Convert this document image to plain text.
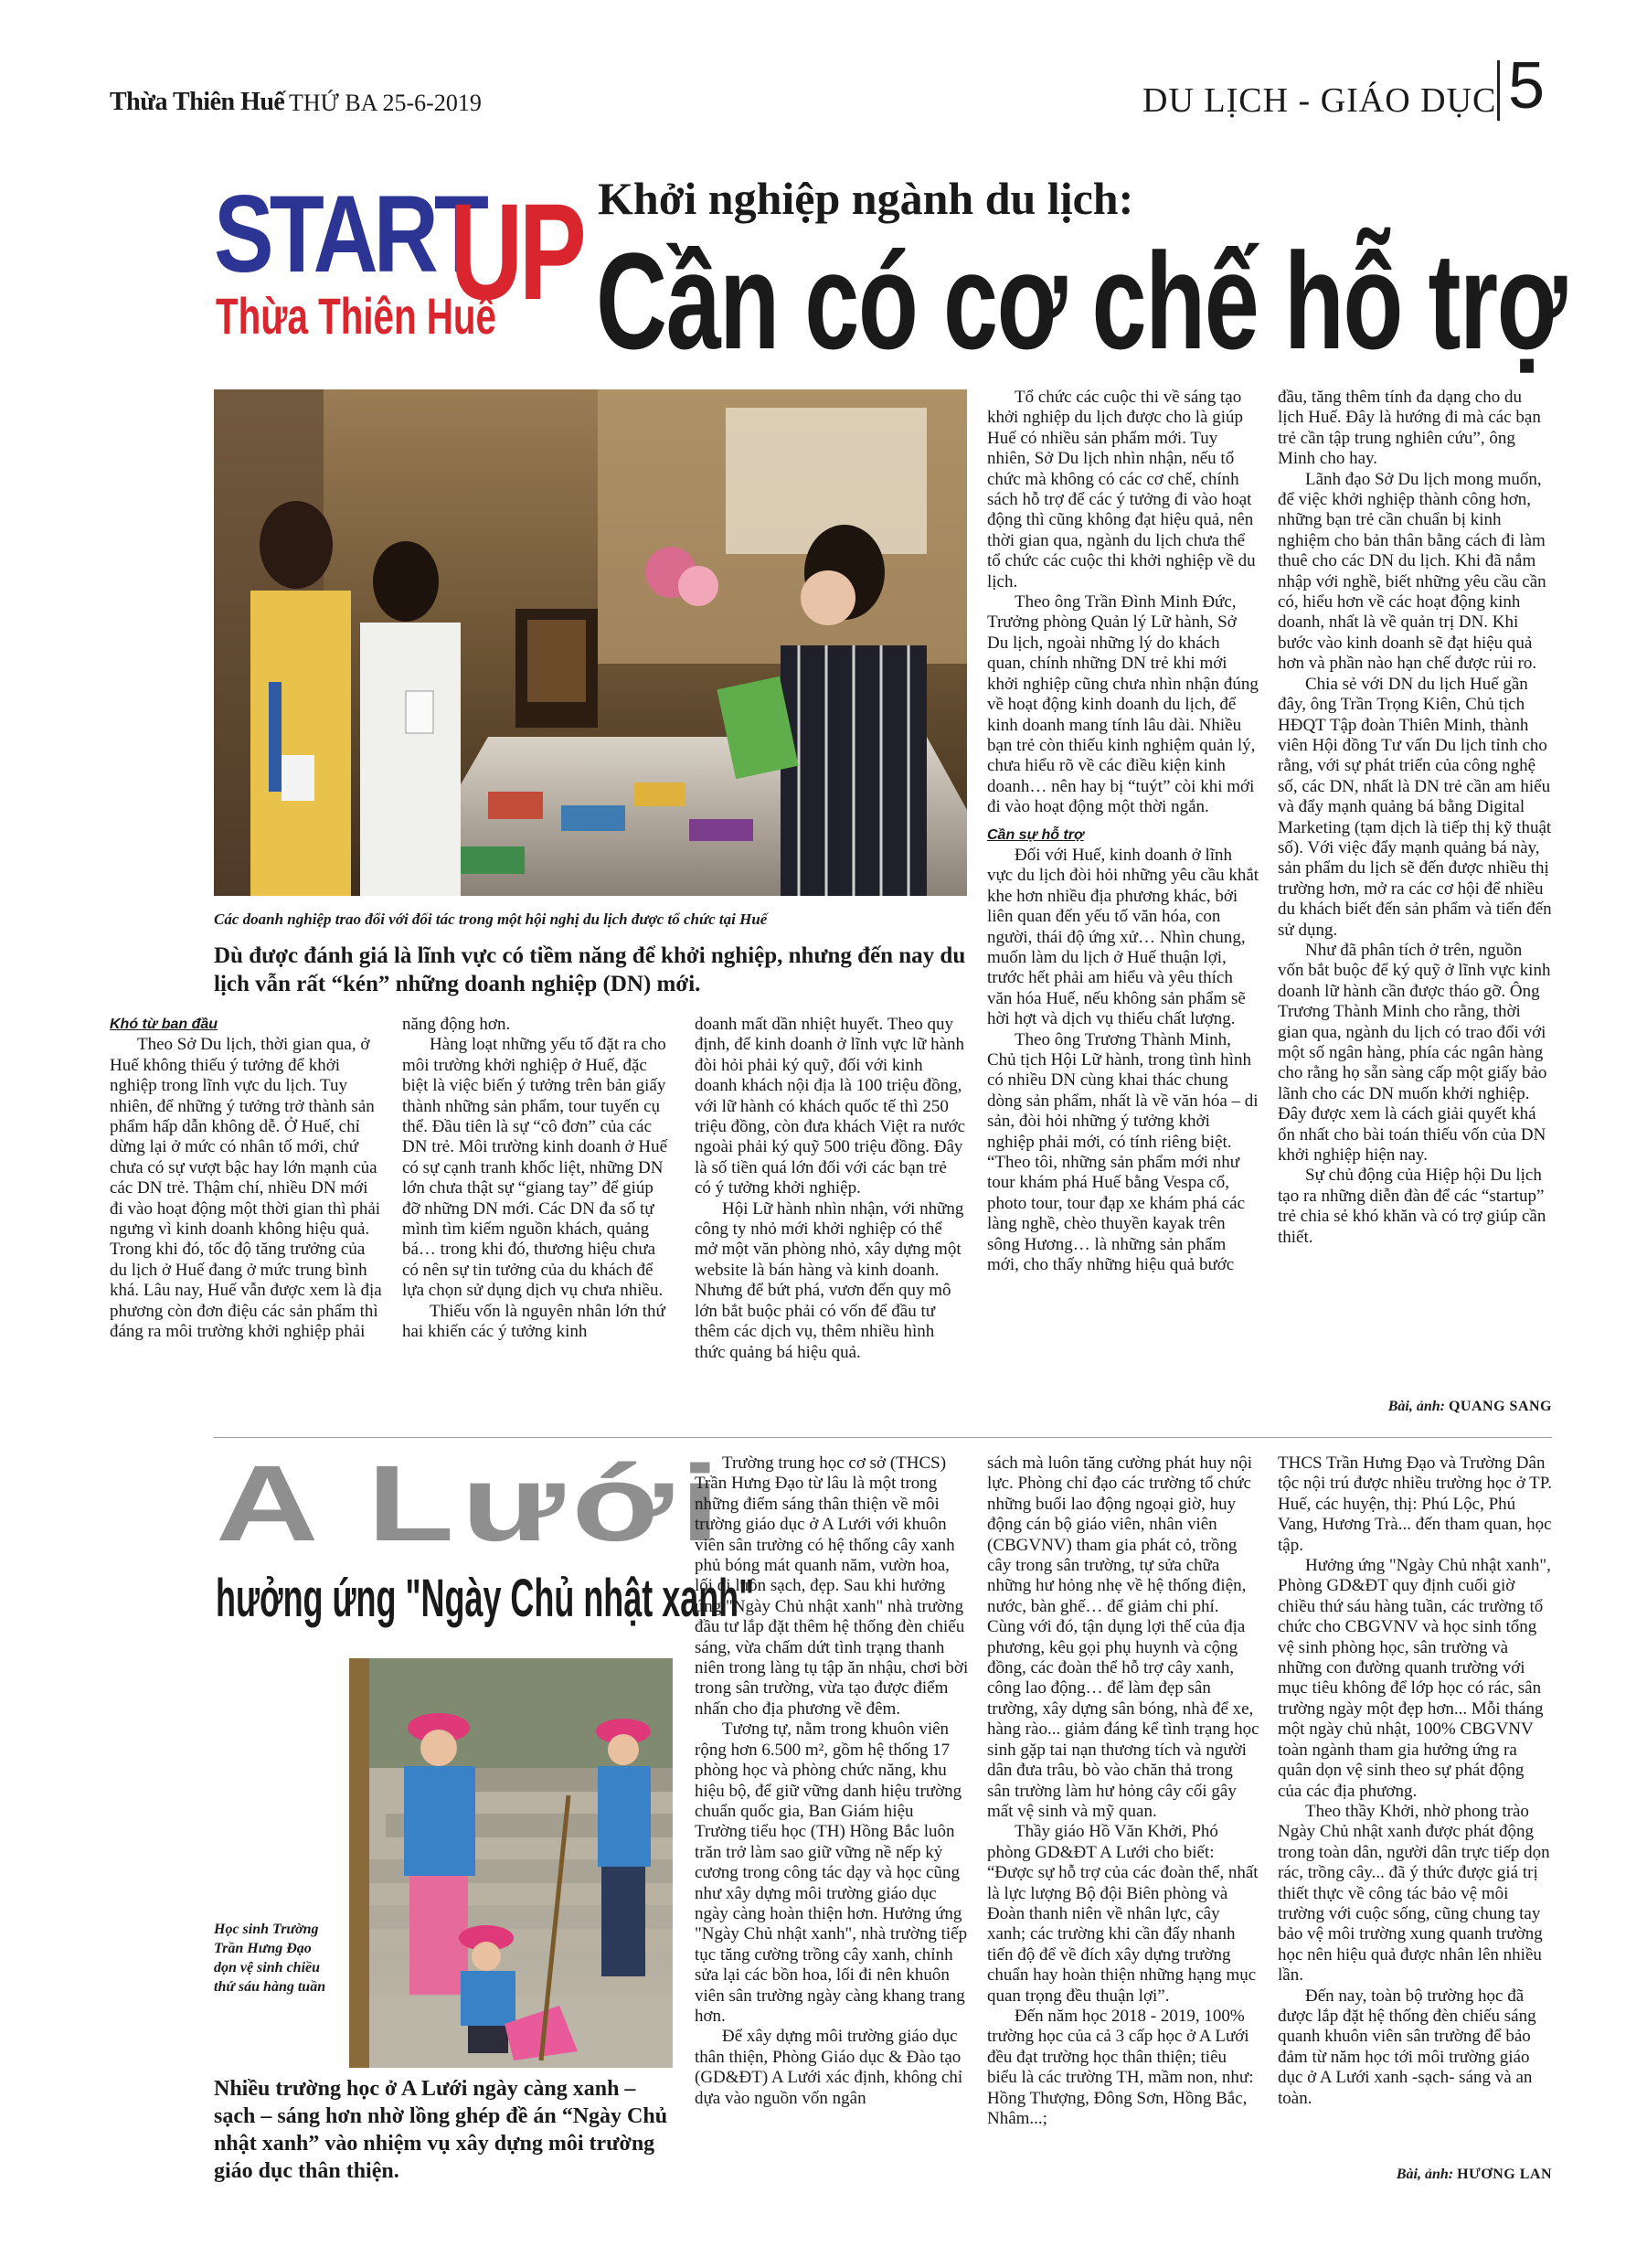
Thừa Thiên Huế THỨ BA 25-6-2019	DU LỊCH - GIÁO DỤC 5
START
UP
Thừa Thiên Huế
Khởi nghiệp ngành du lịch:
Cần có cơ chế hỗ trợ
Các doanh nghiệp trao đổi với đối tác trong một hội nghị du lịch được tổ chức tại Huế
Dù được đánh giá là lĩnh vực có tiềm năng để khởi nghiệp, nhưng đến nay du lịch vẫn rất “kén” những doanh nghiệp (DN) mới.

Khó từ ban đầu

Theo Sở Du lịch, thời gian qua, ở Huế không thiếu ý tưởng để khởi nghiệp trong lĩnh vực du lịch. Tuy nhiên, để những ý tưởng trở thành sản phẩm hấp dẫn không dễ. Ở Huế, chỉ dừng lại ở mức có nhân tố mới, chứ chưa có sự vượt bậc hay lớn mạnh của các DN trẻ. Thậm chí, nhiều DN mới đi vào hoạt động một thời gian thì phải ngưng vì kinh doanh không hiệu quả. Trong khi đó, tốc độ tăng trưởng của du lịch ở Huế đang ở mức trung bình khá. Lâu nay, Huế vẫn được xem là địa phương còn đơn điệu các sản phẩm thì đáng ra môi trường khởi nghiệp phải

năng động hơn.

Hàng loạt những yếu tố đặt ra cho môi trường khởi nghiệp ở Huế, đặc biệt là việc biến ý tưởng trên bản giấy thành những sản phẩm, tour tuyến cụ thể. Đầu tiên là sự “cô đơn” của các DN trẻ. Môi trường kinh doanh ở Huế có sự cạnh tranh khốc liệt, những DN lớn chưa thật sự “giang tay” để giúp đỡ những DN mới. Các DN đa số tự mình tìm kiếm nguồn khách, quảng bá… trong khi đó, thương hiệu chưa có nên sự tin tưởng của du khách để lựa chọn sử dụng dịch vụ chưa nhiều.

Thiếu vốn là nguyên nhân lớn thứ hai khiến các ý tưởng kinh

doanh mất dần nhiệt huyết. Theo quy định, để kinh doanh ở lĩnh vực lữ hành đòi hỏi phải ký quỹ, đối với kinh doanh khách nội địa là 100 triệu đồng, với lữ hành có khách quốc tế thì 250 triệu đồng, còn đưa khách Việt ra nước ngoài phải ký quỹ 500 triệu đồng. Đây là số tiền quá lớn đối với các bạn trẻ có ý tưởng khởi nghiệp.

Hội Lữ hành nhìn nhận, với những công ty nhỏ mới khởi nghiệp có thể mở một văn phòng nhỏ, xây dựng một website là bán hàng và kinh doanh. Nhưng để bứt phá, vươn đến quy mô lớn bắt buộc phải có vốn để đầu tư thêm các dịch vụ, thêm nhiều hình thức quảng bá hiệu quả.

Tổ chức các cuộc thi về sáng tạo khởi nghiệp du lịch được cho là giúp Huế có nhiều sản phẩm mới. Tuy nhiên, Sở Du lịch nhìn nhận, nếu tổ chức mà không có các cơ chế, chính sách hỗ trợ để các ý tưởng đi vào hoạt động thì cũng không đạt hiệu quả, nên thời gian qua, ngành du lịch chưa thể tổ chức các cuộc thi khởi nghiệp về du lịch.

Theo ông Trần Đình Minh Đức, Trưởng phòng Quản lý Lữ hành, Sở Du lịch, ngoài những lý do khách quan, chính những DN trẻ khi mới khởi nghiệp cũng chưa nhìn nhận đúng về hoạt động kinh doanh du lịch, để kinh doanh mang tính lâu dài. Nhiều bạn trẻ còn thiếu kinh nghiệm quản lý, chưa hiểu rõ về các điều kiện kinh doanh… nên hay bị “tuýt” còi khi mới đi vào hoạt động một thời ngắn.

Cần sự hỗ trợ

Đối với Huế, kinh doanh ở lĩnh vực du lịch đòi hỏi những yêu cầu khắt khe hơn nhiều địa phương khác, bởi liên quan đến yếu tố văn hóa, con người, thái độ ứng xử… Nhìn chung, muốn làm du lịch ở Huế thuận lợi, trước hết phải am hiểu và yêu thích văn hóa Huế, nếu không sản phẩm sẽ hời hợt và dịch vụ thiếu chất lượng.

Theo ông Trương Thành Minh, Chủ tịch Hội Lữ hành, trong tình hình có nhiều DN cùng khai thác chung dòng sản phẩm, nhất là về văn hóa – di sản, đòi hỏi những ý tưởng khởi nghiệp phải mới, có tính riêng biệt. “Theo tôi, những sản phẩm mới như tour khám phá Huế bằng Vespa cổ, photo tour, tour đạp xe khám phá các làng nghề, chèo thuyền kayak trên sông Hương… là những sản phẩm mới, cho thấy những hiệu quả bước

đầu, tăng thêm tính đa dạng cho du lịch Huế. Đây là hướng đi mà các bạn trẻ cần tập trung nghiên cứu”, ông Minh cho hay.

Lãnh đạo Sở Du lịch mong muốn, để việc khởi nghiệp thành công hơn, những bạn trẻ cần chuẩn bị kinh nghiệm cho bản thân bằng cách đi làm thuê cho các DN du lịch. Khi đã nắm nhập với nghề, biết những yêu cầu cần có, hiểu hơn về các hoạt động kinh doanh, nhất là về quản trị DN. Khi bước vào kinh doanh sẽ đạt hiệu quả hơn và phần nào hạn chế được rủi ro.

Chia sẻ với DN du lịch Huế gần đây, ông Trần Trọng Kiên, Chủ tịch HĐQT Tập đoàn Thiên Minh, thành viên Hội đồng Tư vấn Du lịch tỉnh cho rằng, với sự phát triển của công nghệ số, các DN, nhất là DN trẻ cần am hiểu và đẩy mạnh quảng bá bằng Digital Marketing (tạm dịch là tiếp thị kỹ thuật số). Với việc đẩy mạnh quảng bá này, sản phẩm du lịch sẽ đến được nhiều thị trường hơn, mở ra các cơ hội để nhiều du khách biết đến sản phẩm và tiến đến sử dụng.

Như đã phân tích ở trên, nguồn vốn bắt buộc để ký quỹ ở lĩnh vực kinh doanh lữ hành cần được tháo gỡ. Ông Trương Thành Minh cho rằng, thời gian qua, ngành du lịch có trao đổi với một số ngân hàng, phía các ngân hàng cho rằng họ sẵn sàng cấp một giấy bảo lãnh cho các DN muốn khởi nghiệp. Đây được xem là cách giải quyết khá ổn nhất cho bài toán thiếu vốn của DN khởi nghiệp hiện nay.

Sự chủ động của Hiệp hội Du lịch tạo ra những diễn đàn để các “startup” trẻ chia sẻ khó khăn và có trợ giúp cần thiết.

Bài, ảnh: QUANG SANG
A Lưới
hưởng ứng "Ngày Chủ nhật xanh"
Học sinh Trường Trần Hưng Đạo dọn vệ sinh chiều thứ sáu hàng tuần
Nhiều trường học ở A Lưới ngày càng xanh – sạch – sáng hơn nhờ lồng ghép đề án “Ngày Chủ nhật xanh” vào nhiệm vụ xây dựng môi trường giáo dục thân thiện.

Trường trung học cơ sở (THCS) Trần Hưng Đạo từ lâu là một trong những điểm sáng thân thiện về môi trường giáo dục ở A Lưới với khuôn viên sân trường có hệ thống cây xanh phủ bóng mát quanh năm, vườn hoa, lối đi luôn sạch, đẹp. Sau khi hưởng ứng "Ngày Chủ nhật xanh" nhà trường đầu tư lắp đặt thêm hệ thống đèn chiếu sáng, vừa chấm dứt tình trạng thanh niên trong làng tụ tập ăn nhậu, chơi bời trong sân trường, vừa tạo được điểm nhấn cho địa phương về đêm.

Tương tự, nằm trong khuôn viên rộng hơn 6.500 m², gồm hệ thống 17 phòng học và phòng chức năng, khu hiệu bộ, để giữ vững danh hiệu trường chuẩn quốc gia, Ban Giám hiệu Trường tiểu học (TH) Hồng Bắc luôn trăn trở làm sao giữ vững nề nếp kỷ cương trong công tác dạy và học cũng như xây dựng môi trường giáo dục ngày càng hoàn thiện hơn. Hưởng ứng "Ngày Chủ nhật xanh", nhà trường tiếp tục tăng cường trồng cây xanh, chỉnh sửa lại các bồn hoa, lối đi nên khuôn viên sân trường ngày càng khang trang hơn.

Để xây dựng môi trường giáo dục thân thiện, Phòng Giáo dục & Đào tạo (GD&ĐT) A Lưới xác định, không chỉ dựa vào nguồn vốn ngân

sách mà luôn tăng cường phát huy nội lực. Phòng chỉ đạo các trường tổ chức những buổi lao động ngoại giờ, huy động cán bộ giáo viên, nhân viên (CBGVNV) tham gia phát cỏ, trồng cây trong sân trường, tự sửa chữa những hư hỏng nhẹ về hệ thống điện, nước, bàn ghế… để giảm chi phí. Cùng với đó, tận dụng lợi thế của địa phương, kêu gọi phụ huynh và cộng đồng, các đoàn thể hỗ trợ cây xanh, công lao động… để làm đẹp sân trường, xây dựng sân bóng, nhà để xe, hàng rào... giảm đáng kể tình trạng học sinh gặp tai nạn thương tích và người dân đưa trâu, bò vào chăn thả trong sân trường làm hư hỏng cây cối gây mất vệ sinh và mỹ quan.

Thầy giáo Hồ Văn Khởi, Phó phòng GD&ĐT A Lưới cho biết: “Được sự hỗ trợ của các đoàn thể, nhất là lực lượng Bộ đội Biên phòng và Đoàn thanh niên về nhân lực, cây xanh; các trường khi cần đẩy nhanh tiến độ để về đích xây dựng trường chuẩn hay hoàn thiện những hạng mục quan trọng đều thuận lợi”.

Đến năm học 2018 - 2019, 100% trường học của cả 3 cấp học ở A Lưới đều đạt trường học thân thiện; tiêu biểu là các trường TH, mầm non, như: Hồng Thượng, Đông Sơn, Hồng Bắc, Nhâm...;

THCS Trần Hưng Đạo và Trường Dân tộc nội trú được nhiều trường học ở TP. Huế, các huyện, thị: Phú Lộc, Phú Vang, Hương Trà... đến tham quan, học tập.

Hưởng ứng "Ngày Chủ nhật xanh", Phòng GD&ĐT quy định cuối giờ chiều thứ sáu hàng tuần, các trường tổ chức cho CBGVNV và học sinh tổng vệ sinh phòng học, sân trường và những con đường quanh trường với mục tiêu không để lớp học có rác, sân trường ngày một đẹp hơn... Mỗi tháng một ngày chủ nhật, 100% CBGVNV toàn ngành tham gia hưởng ứng ra quân dọn vệ sinh theo sự phát động của các địa phương.

Theo thầy Khởi, nhờ phong trào Ngày Chủ nhật xanh được phát động trong toàn dân, người dân trực tiếp dọn rác, trồng cây... đã ý thức được giá trị thiết thực về công tác bảo vệ môi trường với cuộc sống, cũng chung tay bảo vệ môi trường xung quanh trường học nên hiệu quả được nhân lên nhiều lần.

Đến nay, toàn bộ trường học đã được lắp đặt hệ thống đèn chiếu sáng quanh khuôn viên sân trường để bảo đảm từ năm học tới môi trường giáo dục ở A Lưới xanh -sạch- sáng và an toàn.

Bài, ảnh: HƯƠNG LAN
